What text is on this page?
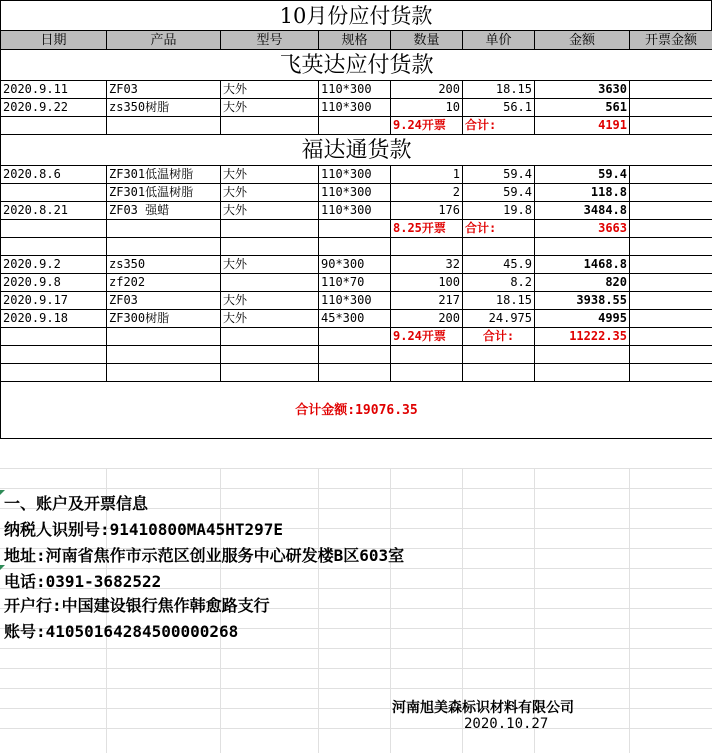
10月份应付货款
日期	产品	型号	规格	数量	单价	金额	开票金额
飞英达应付货款							
2020.9.11	ZF03	大外	110*300	200	18.15	3630	
2020.9.22	zs350树脂	大外	110*300	10	56.1	561	
				9.24开票	合计:	4191	
福达通货款							
2020.8.6	ZF301低温树脂	大外	110*300	1	59.4	59.4	
	ZF301低温树脂	大外	110*300	2	59.4	118.8	
2020.8.21	ZF03 强蜡	大外	110*300	176	19.8	3484.8	
				8.25开票	合计:	3663	

2020.9.2	zs350	大外	90*300	32	45.9	1468.8	
2020.9.8	zf202		110*70	100	8.2	820	
2020.9.17	ZF03	大外	110*300	217	18.15	3938.55	
2020.9.18	ZF300树脂	大外	45*300	200	24.975	4995	
				9.24开票	合计:	11222.35	

合计金额:19076.35							
一、账户及开票信息
纳税人识别号:91410800MA45HT297E
地址:河南省焦作市示范区创业服务中心研发楼B区603室
电话:0391-3682522
开户行:中国建设银行焦作韩愈路支行
账号:41050164284500000268
河南旭美森标识材料有限公司
2020.10.27
